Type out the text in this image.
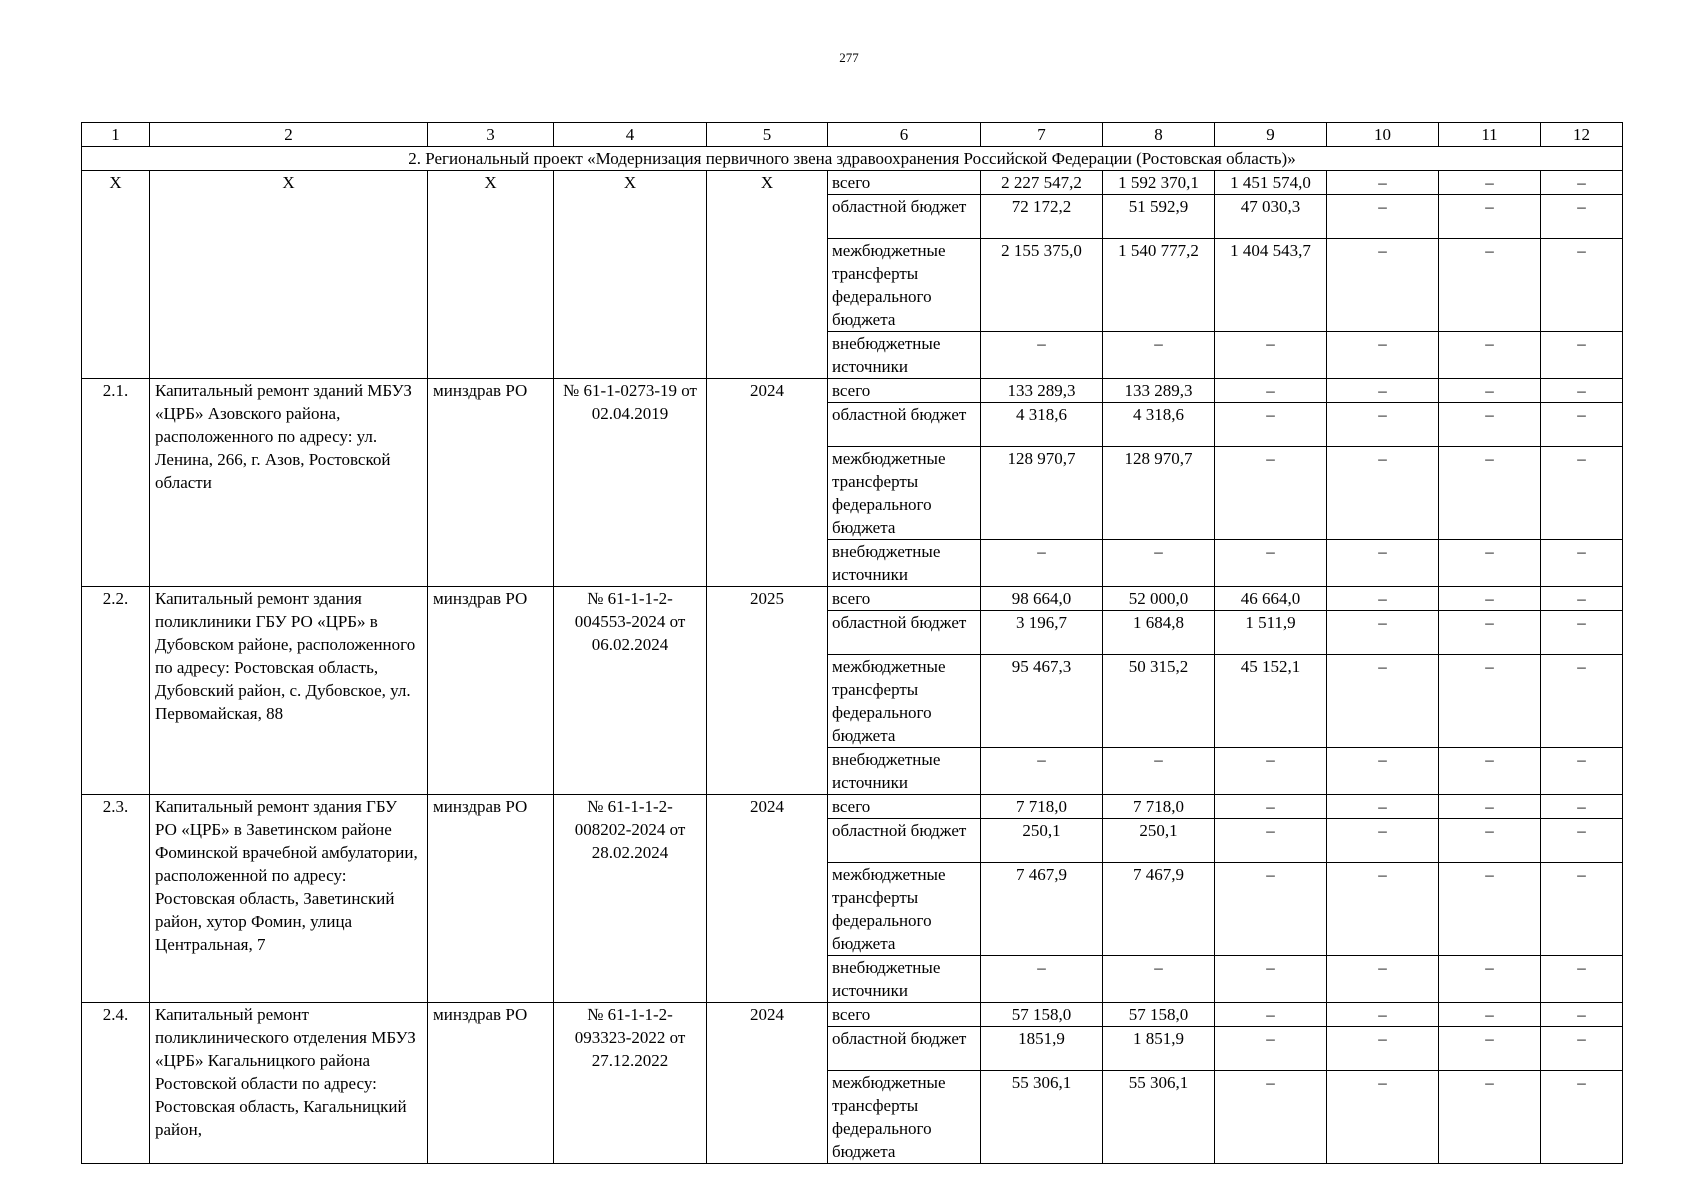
277
1	2	3	4	5	6	7	8	9	10	11	12
2. Региональный проект «Модернизация первичного звена здравоохранения Российской Федерации (Ростовская область)»											
X	X	X	X	X	всего	2 227 547,2	1 592 370,1	1 451 574,0	–	–	–
					областной бюджет	72 172,2	51 592,9	47 030,3	–	–	–
					межбюджетные трансферты федерального бюджета	2 155 375,0	1 540 777,2	1 404 543,7	–	–	–
					внебюджетные источники	–	–	–	–	–	–
2.1.	Капитальный ремонт зданий МБУЗ «ЦРБ» Азовского района, расположенного по адресу: ул. Ленина, 266, г. Азов, Ростовской области	минздрав РО	№ 61-1-0273-19 от 02.04.2019	2024	всего	133 289,3	133 289,3	–	–	–	–
					областной бюджет	4 318,6	4 318,6	–	–	–	–
					межбюджетные трансферты федерального бюджета	128 970,7	128 970,7	–	–	–	–
					внебюджетные источники	–	–	–	–	–	–
2.2.	Капитальный ремонт здания поликлиники ГБУ РО «ЦРБ» в Дубовском районе, расположенного по адресу: Ростовская область, Дубовский район, с. Дубовское, ул. Первомайская, 88	минздрав РО	№ 61-1-1-2-004553-2024 от 06.02.2024	2025	всего	98 664,0	52 000,0	46 664,0	–	–	–
					областной бюджет	3 196,7	1 684,8	1 511,9	–	–	–
					межбюджетные трансферты федерального бюджета	95 467,3	50 315,2	45 152,1	–	–	–
					внебюджетные источники	–	–	–	–	–	–
2.3.	Капитальный ремонт здания ГБУ РО «ЦРБ» в Заветинском районе Фоминской врачебной амбулатории, расположенной по адресу: Ростовская область, Заветинский район, хутор Фомин, улица Центральная, 7	минздрав РО	№ 61-1-1-2-008202-2024 от 28.02.2024	2024	всего	7 718,0	7 718,0	–	–	–	–
					областной бюджет	250,1	250,1	–	–	–	–
					межбюджетные трансферты федерального бюджета	7 467,9	7 467,9	–	–	–	–
					внебюджетные источники	–	–	–	–	–	–
2.4.	Капитальный ремонт поликлинического отделения МБУЗ «ЦРБ» Кагальницкого района Ростовской области по адресу: Ростовская область, Кагальницкий район,	минздрав РО	№ 61-1-1-2-093323-2022 от 27.12.2022	2024	всего	57 158,0	57 158,0	–	–	–	–
					областной бюджет	1851,9	1 851,9	–	–	–	–
					межбюджетные трансферты федерального бюджета	55 306,1	55 306,1	–	–	–	–
